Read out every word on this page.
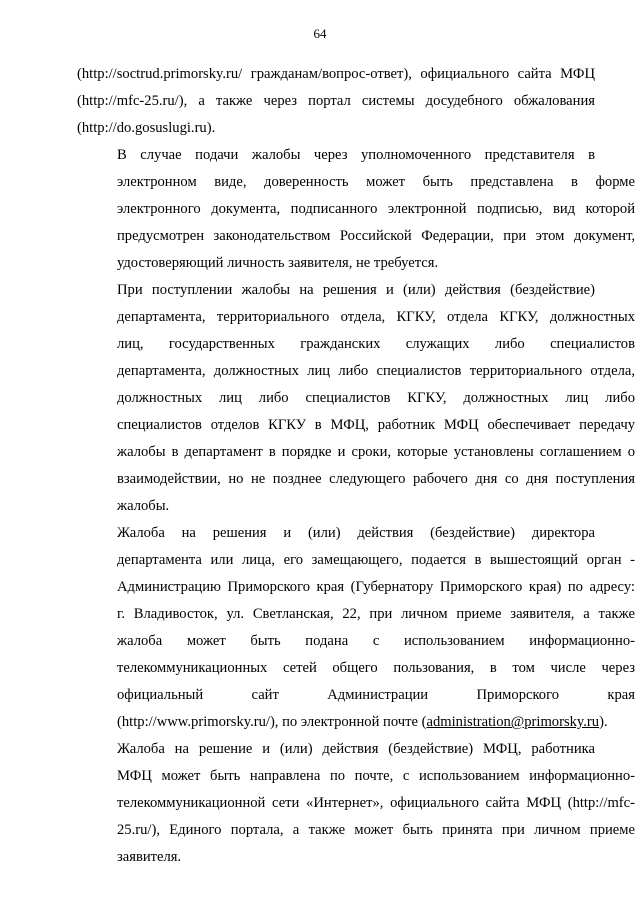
64

(http://soctrud.primorsky.ru/ гражданам/вопрос-ответ), официального сайта МФЦ
(http://mfc-25.ru/), а также через портал системы досудебного обжалования
(http://do.gosuslugi.ru).

В случае подачи жалобы через уполномоченного представителя в
электронном виде, доверенность может быть представлена в форме
электронного документа, подписанного электронной подписью, вид которой
предусмотрен законодательством Российской Федерации, при этом документ,
удостоверяющий личность заявителя, не требуется.

При поступлении жалобы на решения и (или) действия (бездействие)
департамента, территориального отдела, КГКУ, отдела КГКУ, должностных
лиц, государственных гражданских служащих либо специалистов
департамента, должностных лиц либо специалистов территориального отдела,
должностных лиц либо специалистов КГКУ, должностных лиц либо
специалистов отделов КГКУ в МФЦ, работник МФЦ обеспечивает передачу
жалобы в департамент в порядке и сроки, которые установлены соглашением о
взаимодействии, но не позднее следующего рабочего дня со дня поступления
жалобы.

Жалоба на решения и (или) действия (бездействие) директора
департамента или лица, его замещающего, подается в вышестоящий орган -
Администрацию Приморского края (Губернатору Приморского края) по адресу:
г. Владивосток, ул. Светланская, 22, при личном приеме заявителя, а также
жалоба может быть подана с использованием информационно-
телекоммуникационных сетей общего пользования, в том числе через
официальный сайт Администрации Приморского края
(http://www.primorsky.ru/), по электронной почте (administration@primorsky.ru).

Жалоба на решение и (или) действия (бездействие) МФЦ, работника
МФЦ может быть направлена по почте, с использованием информационно-
телекоммуникационной сети «Интернет», официального сайта МФЦ (http://mfc-
25.ru/), Единого портала, а также может быть принята при личном приеме
заявителя.
